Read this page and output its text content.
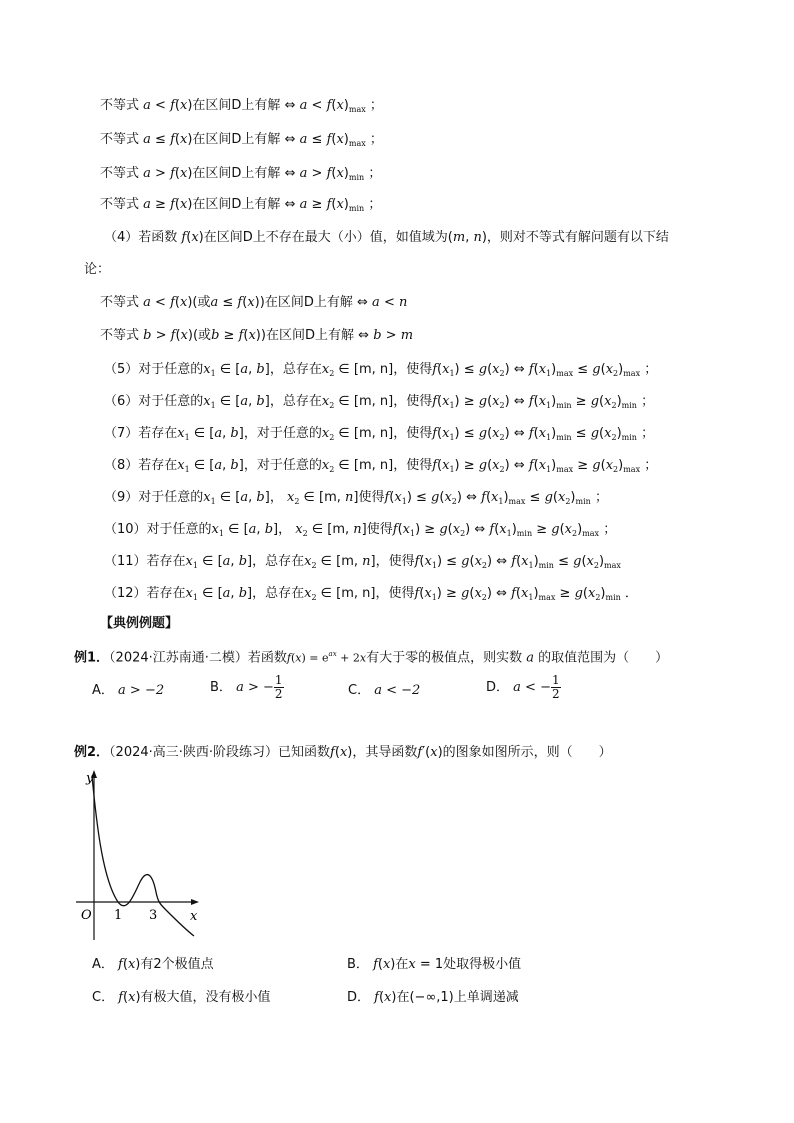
不等式 a < f(x)在区间D上有解 ⇔ $a < f(x)_{max}$ ；
不等式 a ≤ f(x)在区间D上有解 ⇔ $a \le f(x)_{max}$ ；
不等式 a > f(x)在区间D上有解 ⇔ $a > f(x)_{min}$ ；
不等式 a ≥ f(x)在区间D上有解 ⇔ $a \ge f(x)_{min}$ ；
（4）若函数 f(x)在区间D上不存在最大（小）值，如值域为(m, n)，则对不等式有解问题有以下结
论：
不等式 a < f(x)(或a ≤ f(x))在区间D上有解 ⇔ a < n
不等式 b > f(x)(或b ≥ f(x))在区间D上有解 ⇔ b > m
（5）对于任意的$x_1$ ∈ [a, b]，总存在$x_2$ ∈ [m, n]，使得$f(x_1) \le g(x_2)$ ⇔ $f(x_1)_{max} \le g(x_2)_{max}$ ；
（6）对于任意的$x_1$ ∈ [a, b]，总存在$x_2$ ∈ [m, n]，使得$f(x_1) \ge g(x_2)$ ⇔ $f(x_1)_{min} \ge g(x_2)_{min}$ ；
（7）若存在$x_1$ ∈ [a, b]，对于任意的$x_2$ ∈ [m, n]，使得$f(x_1) \le g(x_2)$ ⇔ $f(x_1)_{min} \le g(x_2)_{min}$ ；
（8）若存在$x_1$ ∈ [a, b]，对于任意的$x_2$ ∈ [m, n]，使得$f(x_1) \ge g(x_2)$ ⇔ $f(x_1)_{max} \ge g(x_2)_{max}$ ；
（9）对于任意的$x_1$ ∈ [a, b]， $x_2$ ∈ [m, n]使得$f(x_1) \le g(x_2)$ ⇔ $f(x_1)_{max} \le g(x_2)_{min}$ ；
（10）对于任意的$x_1$ ∈ [a, b]， $x_2$ ∈ [m, n]使得$f(x_1) \ge g(x_2)$ ⇔ $f(x_1)_{min} \ge g(x_2)_{max}$ ；
（11）若存在$x_1$ ∈ [a, b]，总存在$x_2$ ∈ [m, n]，使得$f(x_1) \le g(x_2)$ ⇔ $f(x_1)_{min} \le g(x_2)_{max}$
（12）若存在$x_1$ ∈ [a, b]，总存在$x_2$ ∈ [m, n]，使得$f(x_1) \ge g(x_2)$ ⇔ $f(x_1)_{max} \ge g(x_2)_{min}$ ．
【典例例题】
例1．（2024·江苏南通·二模）若函数$f(x) = e^{ax} + 2x$有大于零的极值点，则实数 a 的取值范围为（　　）
A． a > −2	B． a > − $\frac{1}{2}$	C． a < −2	D． a < − $\frac{1}{2}$
例2．（2024·高三·陕西·阶段练习）已知函数f(x)，其导函数f′(x)的图象如图所示，则（　　）
y
x
O 1 3
A． f(x)有2个极值点	B． f(x)在x = 1处取得极小值
C． f(x)有极大值，没有极小值	D． f(x)在(−∞,1)上单调递减
